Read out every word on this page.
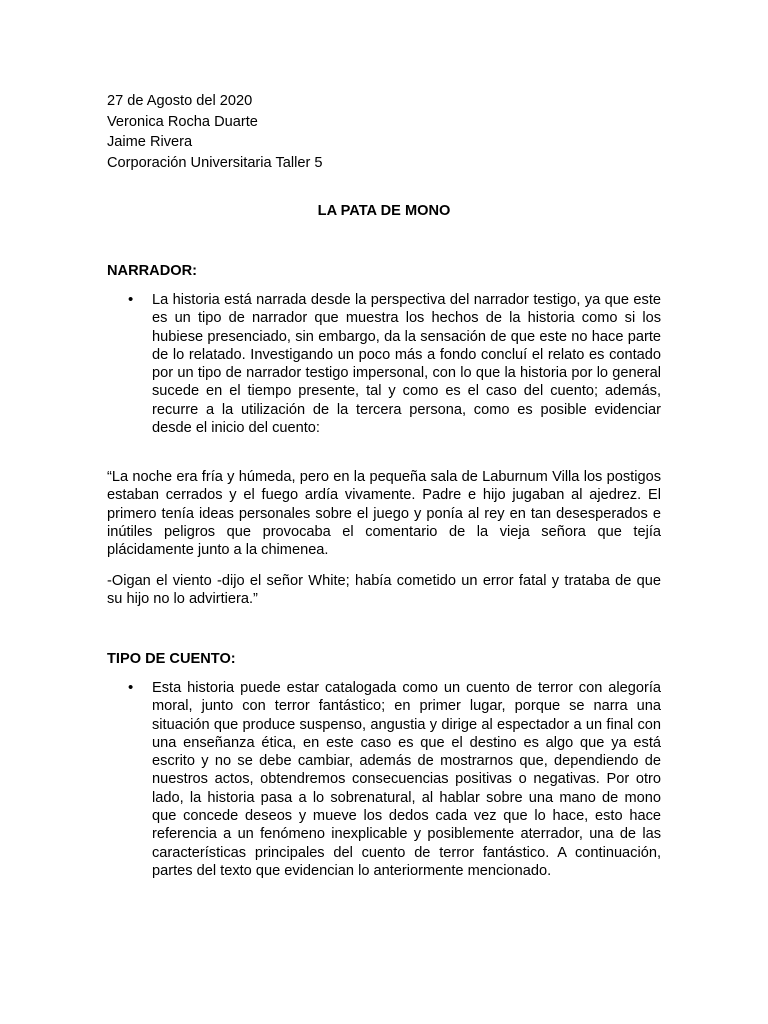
27 de Agosto del 2020

Veronica Rocha Duarte

Jaime Rivera

Corporación Universitaria Taller 5

LA PATA DE MONO

NARRADOR:

• La historia está narrada desde la perspectiva del narrador testigo, ya que este es un tipo de narrador que muestra los hechos de la historia como si los hubiese presenciado, sin embargo, da la sensación de que este no hace parte de lo relatado. Investigando un poco más a fondo concluí el relato es contado por un tipo de narrador testigo impersonal, con lo que la historia por lo general sucede en el tiempo presente, tal y como es el caso del cuento; además, recurre a la utilización de la tercera persona, como es posible evidenciar desde el inicio del cuento:

“La noche era fría y húmeda, pero en la pequeña sala de Laburnum Villa los postigos estaban cerrados y el fuego ardía vivamente. Padre e hijo jugaban al ajedrez. El primero tenía ideas personales sobre el juego y ponía al rey en tan desesperados e inútiles peligros que provocaba el comentario de la vieja señora que tejía plácidamente junto a la chimenea.

-Oigan el viento -dijo el señor White; había cometido un error fatal y trataba de que su hijo no lo advirtiera.”

TIPO DE CUENTO:

• Esta historia puede estar catalogada como un cuento de terror con alegoría moral, junto con terror fantástico; en primer lugar, porque se narra una situación que produce suspenso, angustia y dirige al espectador a un final con una enseñanza ética, en este caso es que el destino es algo que ya está escrito y no se debe cambiar, además de mostrarnos que, dependiendo de nuestros actos, obtendremos consecuencias positivas o negativas. Por otro lado, la historia pasa a lo sobrenatural, al hablar sobre una mano de mono que concede deseos y mueve los dedos cada vez que lo hace, esto hace referencia a un fenómeno inexplicable y posiblemente aterrador, una de las características principales del cuento de terror fantástico. A continuación, partes del texto que evidencian lo anteriormente mencionado.
